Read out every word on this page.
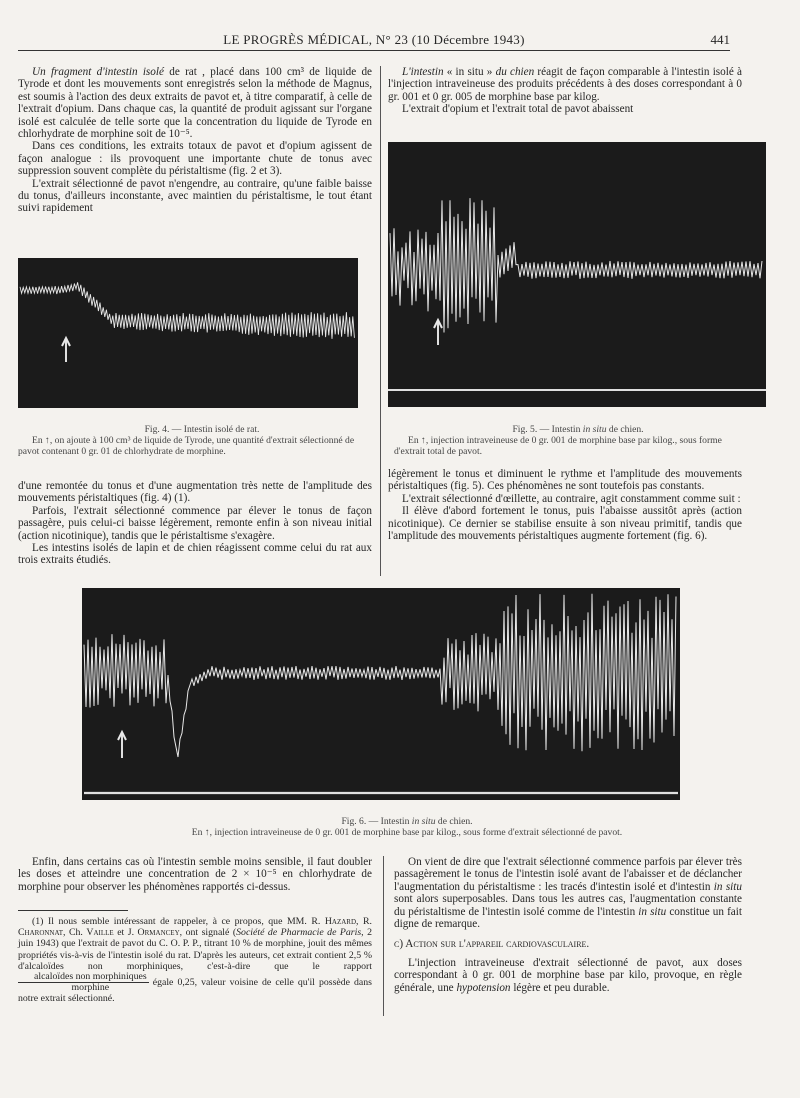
LE PROGRÈS MÉDICAL, N° 23 (10 Décembre 1943)	441

Un fragment d'intestin isolé de rat , placé dans 100 cm³ de liquide de Tyrode et dont les mouvements sont enregistrés selon la méthode de Magnus, est soumis à l'action des deux extraits de pavot et, à titre comparatif, à celle de l'extrait d'opium. Dans chaque cas, la quantité de produit agissant sur l'organe isolé est calculée de telle sorte que la concentration du liquide de Tyrode en chlorhydrate de morphine soit de 10⁻⁵.

Dans ces conditions, les extraits totaux de pavot et d'opium agissent de façon analogue : ils provoquent une importante chute de tonus avec suppression souvent complète du péristaltisme (fig. 2 et 3).

L'extrait sélectionné de pavot n'engendre, au contraire, qu'une faible baisse du tonus, d'ailleurs inconstante, avec maintien du péristaltisme, le tout étant suivi rapidement

L'intestin « in situ » du chien réagit de façon comparable à l'intestin isolé à l'injection intraveineuse des produits précédents à des doses correspondant à 0 gr. 001 et 0 gr. 005 de morphine base par kilog.

L'extrait d'opium et l'extrait total de pavot abaissent

Fig. 4. — Intestin isolé de rat.

En ↑, on ajoute à 100 cm³ de liquide de Tyrode, une quantité d'extrait sélectionné de pavot contenant 0 gr. 01 de chlorhydrate de morphine.

Fig. 5. — Intestin in situ de chien.

En ↑, injection intraveineuse de 0 gr. 001 de morphine base par kilog., sous forme d'extrait total de pavot.

d'une remontée du tonus et d'une augmentation très nette de l'amplitude des mouvements péristaltiques (fig. 4) (1).

Parfois, l'extrait sélectionné commence par élever le tonus de façon passagère, puis celui-ci baisse légèrement, remonte enfin à son niveau initial (action nicotinique), tandis que le péristaltisme s'exagère.

Les intestins isolés de lapin et de chien réagissent comme celui du rat aux trois extraits étudiés.

légèrement le tonus et diminuent le rythme et l'amplitude des mouvements péristaltiques (fig. 5). Ces phénomènes ne sont toutefois pas constants.

L'extrait sélectionné d'œillette, au contraire, agit constamment comme suit :

Il élève d'abord fortement le tonus, puis l'abaisse aussitôt après (action nicotinique). Ce dernier se stabilise ensuite à son niveau primitif, tandis que l'amplitude des mouvements péristaltiques augmente fortement (fig. 6).

Fig. 6. — Intestin in situ de chien.

En ↑, injection intraveineuse de 0 gr. 001 de morphine base par kilog., sous forme d'extrait sélectionné de pavot.

Enfin, dans certains cas où l'intestin semble moins sensible, il faut doubler les doses et atteindre une concentration de 2 × 10⁻⁵ en chlorhydrate de morphine pour observer les phénomènes rapportés ci-dessus.

(1) Il nous semble intéressant de rappeler, à ce propos, que MM. R. Hazard, R. Charonnat, Ch. Vaille et J. Ormancey, ont signalé (Société de Pharmacie de Paris, 2 juin 1943) que l'extrait de pavot du C. O. P. P., titrant 10 % de morphine, jouit des mêmes propriétés vis-à-vis de l'intestin isolé du rat. D'après les auteurs, cet extrait contient 2,5 % d'alcaloïdes non morphiniques, c'est-à-dire que le rapport
$\frac{\text{alcaloïdes non morphiniques}}{\text{morphine}}$ égale 0,25, valeur voisine de celle qu'il possède dans notre extrait sélectionné.

On vient de dire que l'extrait sélectionné commence parfois par élever très passagèrement le tonus de l'intestin isolé avant de l'abaisser et de déclancher l'augmentation du péristaltisme : les tracés d'intestin isolé et d'intestin in situ sont alors superposables. Dans tous les autres cas, l'augmentation constante du péristaltisme de l'intestin isolé comme de l'intestin in situ constitue un fait digne de remarque.

c) Action sur l'appareil cardiovasculaire.

L'injection intraveineuse d'extrait sélectionné de pavot, aux doses correspondant à 0 gr. 001 de morphine base par kilo, provoque, en règle générale, une hypotension légère et peu durable.
